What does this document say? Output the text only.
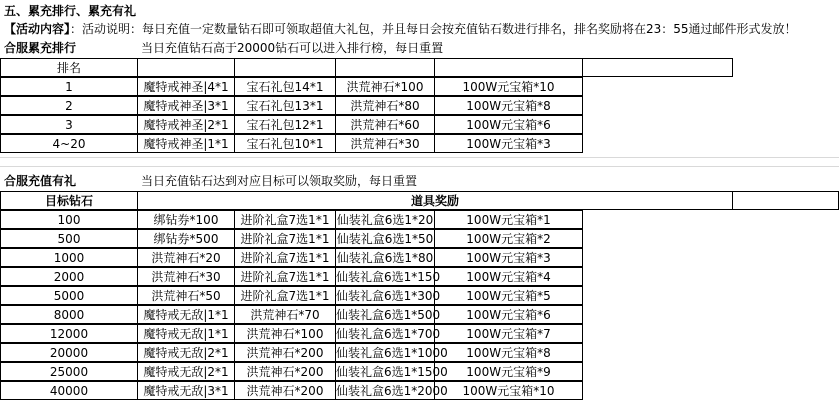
五、累充排行、累充有礼
【活动内容】：活动说明：每日充值一定数量钻石即可领取超值大礼包，并且每日会按充值钻石数进行排名，排名奖励将在23：55通过邮件形式发放！
合服累充排行	当日充值钻石高于20000钻石可以进入排行榜，每日重置
排名
1	魔特戒神圣|4*1	宝石礼包14*1	洪荒神石*100	100W元宝箱*10
2	魔特戒神圣|3*1	宝石礼包13*1	洪荒神石*80	100W元宝箱*8
3	魔特戒神圣|2*1	宝石礼包12*1	洪荒神石*60	100W元宝箱*6
4~20	魔特戒神圣|1*1	宝石礼包10*1	洪荒神石*30	100W元宝箱*3
合服充值有礼	当日充值钻石达到对应目标可以领取奖励，每日重置
目标钻石	道具奖励
100	绑钻券*100	进阶礼盒7选1*1 仙装礼盒6选1*20	100W元宝箱*1
500	绑钻券*500	进阶礼盒7选1*1 仙装礼盒6选1*50	100W元宝箱*2
1000	洪荒神石*20	进阶礼盒7选1*1 仙装礼盒6选1*80	100W元宝箱*3
2000	洪荒神石*30	进阶礼盒7选1*1 仙装礼盒6选1*150	100W元宝箱*4
5000	洪荒神石*50	进阶礼盒7选1*1 仙装礼盒6选1*300	100W元宝箱*5
8000	魔特戒无敌|1*1	洪荒神石*70	仙装礼盒6选1*500	100W元宝箱*6
12000	魔特戒无敌|1*1	洪荒神石*100	仙装礼盒6选1*700	100W元宝箱*7
20000	魔特戒无敌|2*1	洪荒神石*200	仙装礼盒6选1*1000	100W元宝箱*8
25000	魔特戒无敌|2*1	洪荒神石*200	仙装礼盒6选1*1500	100W元宝箱*9
40000	魔特戒无敌|3*1	洪荒神石*200	仙装礼盒6选1*2000	100W元宝箱*10
